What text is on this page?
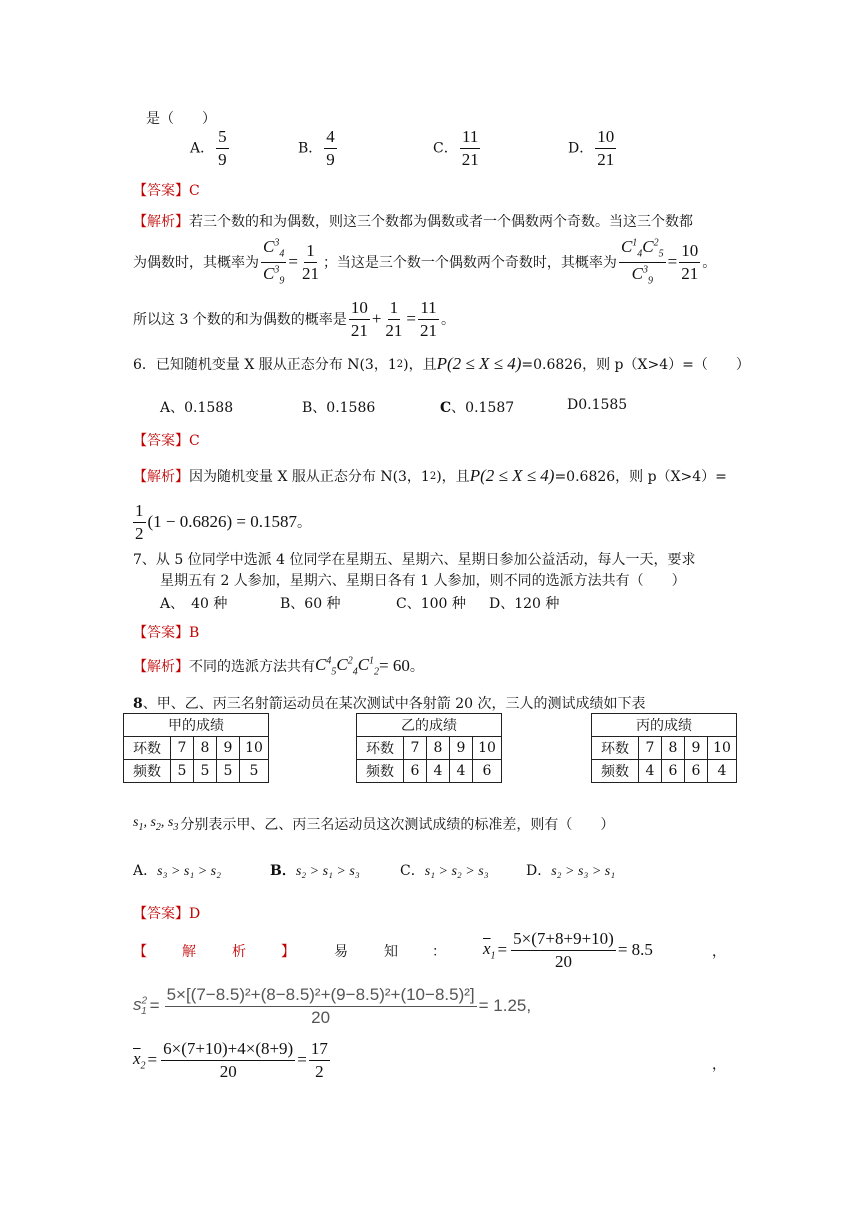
是（　　）
A． $\frac{5}{9}$	B． $\frac{4}{9}$	C． $\frac{11}{21}$	D． $\frac{10}{21}$
【答案】C
【解析】若三个数的和为偶数，则这三个数都为偶数或者一个偶数两个奇数。当这三个数都
为偶数时，其概率为 $\frac{C^3_4}{C^3_9} = \frac{1}{21}$ ；当这是三个数一个偶数两个奇数时，其概率为 $\frac{C^1_4C^2_5}{C^3_9} = \frac{10}{21}$ 。
所以这 3 个数的和为偶数的概率是 $\frac{10}{21} + \frac{1}{21} = \frac{11}{21}$ 。
6．已知随机变量 X 服从正态分布 N(3，1 2 )，且 P(2 ≤ X ≤ 4) =0.6826，则 p（X>4）=（　　）
A、0.1588	B、0.1586	C、0.1587	D0.1585
【答案】C
【解析】 因为随机变量 X 服从正态分布 N(3，1 2 )，且 P(2 ≤ X ≤ 4) =0.6826，则 p（X>4）=
$\frac{1}{2} (1 - 0.6826) = 0.1587$ 。
7、从 5 位同学中选派 4 位同学在星期五、星期六、星期日参加公益活动，每人一天，要求
星期五有 2 人参加，星期六、星期日各有 1 人参加，则不同的选派方法共有（　　）
A、　40 种	B、60 种	C、100 种 D、120 种
【答案】B
【解析】 不同的选派方法共有 $C^4_5C^2_4C^1_2 = 60$ 。
8、甲、乙、丙三名射箭运动员在某次测试中各射箭 20 次，三人的测试成绩如下表
甲的成绩				
环数	7	8	9	10
频数	5	5	5	5
乙的成绩				
环数	7	8	9	10
频数	6	4	4	6
丙的成绩				
环数	7	8	9	10
频数	4	6	6	4
$s_1$, $s_2$, $s_3$ 分别表示甲、乙、丙三名运动员这次测试成绩的标准差，则有（　　）
A．s₃ > s₁ > s₂	B．s₂ > s₁ > s₃	C．s₁ > s₂ > s₃	D．s₂ > s₃ > s₁
【答案】D
【	解	析	】	易	知 ： $\overline{x}_1 = \frac{5\times(7+8+9+10)}{20} = 8.5$	，
$s^2_1 = \frac{\text{5×[(7−8.5)²+(8−8.5)²+(9−8.5)²+(10−8.5)²]}}{20} = 1.25$,
$\overline{x}_2 = \frac{6\times(7+10)+4\times(8+9)}{20} = \frac{17}{2}$	，
